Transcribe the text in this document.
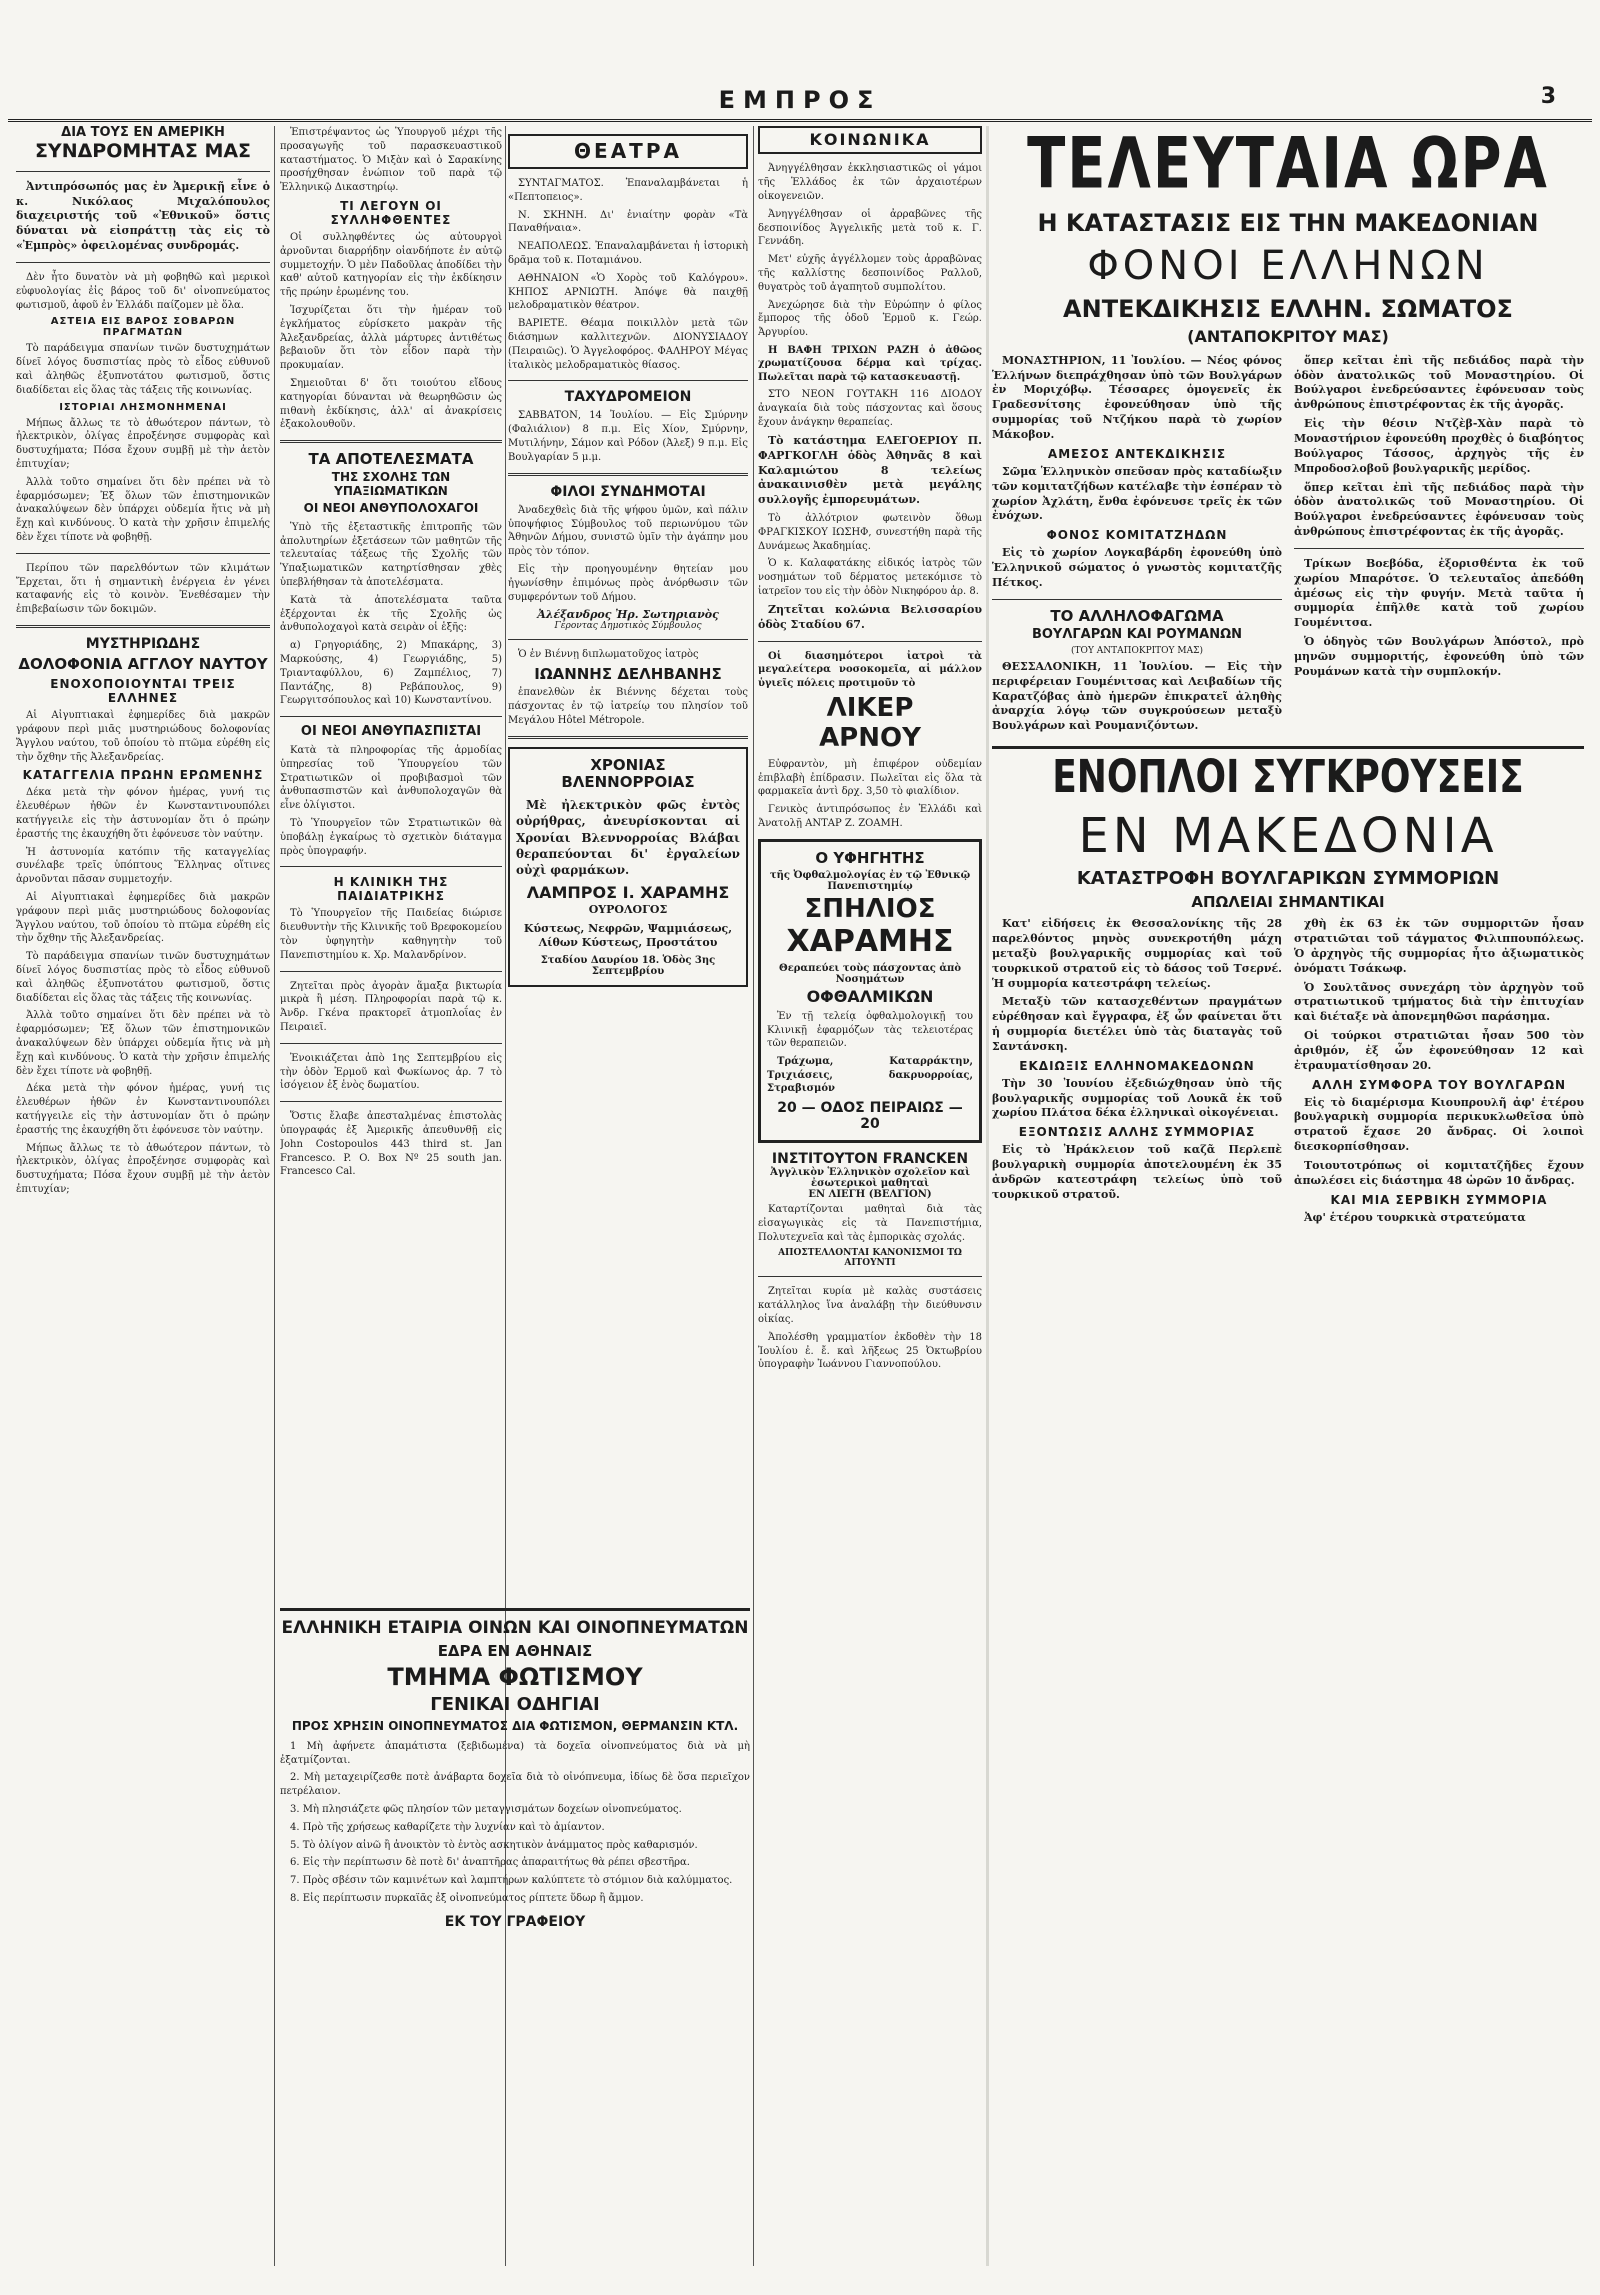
ΕΜΠΡΟΣ	3
ΔΙΑ ΤΟΥΣ ΕΝ ΑΜΕΡΙΚΗ
ΣΥΝΔΡΟΜΗΤΑΣ ΜΑΣ

Ἀντιπρόσωπός μας ἐν Ἀμερικῇ εἶνε ὁ κ. Νικόλαος Μιχαλόπουλος διαχειριστής τοῦ «Ἐθνικοῦ» ὅστις δύναται νὰ εἰσπράττῃ τὰς εἰς τὸ «Ἐμπρὸς» ὀφειλομένας συνδρομάς.

Δὲν ἦτο δυνατὸν νὰ μὴ φοβηθῶ καὶ μερικοὶ εὐφυολογίας ἐἰς βάρος τοῦ δι' οἰνοπνεύματος φωτισμοῦ, ἀφοῦ ἐν Ἑλλάδι παίζομεν μὲ ὅλα.

ΑΣΤΕΙΑ ΕΙΣ ΒΑΡΟΣ ΣΟΒΑΡΩΝ ΠΡΑΓΜΑΤΩΝ

Τὸ παράδειγμα σπανίων τινῶν δυστυχημάτων δίνεῖ λόγος δυσπιστίας πρὸς τὸ εἶδος εὐθυνοῦ καὶ ἀληθῶς ἐξυπνοτάτου φωτισμοῦ, ὅστις διαδίδεται εἰς ὅλας τὰς τάξεις τῆς κοινωνίας.

ΙΣΤΟΡΙΑΙ ΛΗΣΜΟΝΗΜΕΝΑΙ

Μήπως ἄλλως τε τὸ ἀθωότερον πάντων, τὸ ἠλεκτρικὸν, ὀλίγας ἐπροξένησε συμφορὰς καὶ δυστυχήματα; Πόσα ἔχουν συμβῇ μὲ τὴν ἀετὸν ἐπιτυχίαν;

Ἀλλὰ τοῦτο σημαίνει ὅτι δὲν πρέπει νὰ τὸ ἐφαρμόσωμεν; Ἐξ ὅλων τῶν ἐπιστημονικῶν ἀνακαλύψεων δὲν ὑπάρχει οὐδεμία ἥτις νὰ μὴ ἔχῃ καὶ κινδύνους. Ὁ κατὰ τὴν χρῆσιν ἐπιμελής δὲν ἔχει τίποτε νὰ φοβηθῇ.

Περίπου τῶν παρελθόντων τῶν κλιμάτων Ἔρχεται, ὅτι ἡ σημαντικὴ ἐνέργεια ἐν γένει καταφανής εἰς τὸ κοινὸν. Ἐνεθέσαμεν τὴν ἐπιβεβαίωσιν τῶν δοκιμῶν.

ΜΥΣΤΗΡΙΩΔΗΣ
ΔΟΛΟΦΟΝΙΑ ΑΓΓΛΟΥ ΝΑΥΤΟΥ
ΕΝΟΧΟΠΟΙΟΥΝΤΑΙ ΤΡΕΙΣ ΕΛΛΗΝΕΣ

Αἱ Αἰγυπτιακαὶ ἐφημερίδες διὰ μακρῶν γράφουν περὶ μιᾶς μυστηριώδους δολοφονίας Ἄγγλου ναύτου, τοῦ ὁποίου τὸ πτῶμα εὑρέθη εἰς τὴν ὄχθην τῆς Ἀλεξανδρείας.

ΚΑΤΑΓΓΕΛΙΑ ΠΡΩΗΝ ΕΡΩΜΕΝΗΣ

Δέκα μετὰ τὴν φόνον ἡμέρας, γυνή τις ἐλευθέρων ἠθῶν ἐν Κωνσταντινουπόλει κατήγγειλε εἰς τὴν ἀστυνομίαν ὅτι ὁ πρώην ἐραστής της ἐκαυχήθη ὅτι ἐφόνευσε τὸν ναύτην.

Ἡ ἀστυνομία κατόπιν τῆς καταγγελίας συνέλαβε τρεῖς ὑπόπτους Ἕλληνας οἵτινες ἀρνοῦνται πᾶσαν συμμετοχήν.

Αἱ Αἰγυπτιακαὶ ἐφημερίδες διὰ μακρῶν γράφουν περὶ μιᾶς μυστηριώδους δολοφονίας Ἄγγλου ναύτου, τοῦ ὁποίου τὸ πτῶμα εὑρέθη εἰς τὴν ὄχθην τῆς Ἀλεξανδρείας.

Τὸ παράδειγμα σπανίων τινῶν δυστυχημάτων δίνεῖ λόγος δυσπιστίας πρὸς τὸ εἶδος εὐθυνοῦ καὶ ἀληθῶς ἐξυπνοτάτου φωτισμοῦ, ὅστις διαδίδεται εἰς ὅλας τὰς τάξεις τῆς κοινωνίας.

Ἀλλὰ τοῦτο σημαίνει ὅτι δὲν πρέπει νὰ τὸ ἐφαρμόσωμεν; Ἐξ ὅλων τῶν ἐπιστημονικῶν ἀνακαλύψεων δὲν ὑπάρχει οὐδεμία ἥτις νὰ μὴ ἔχῃ καὶ κινδύνους. Ὁ κατὰ τὴν χρῆσιν ἐπιμελής δὲν ἔχει τίποτε νὰ φοβηθῇ.

Δέκα μετὰ τὴν φόνον ἡμέρας, γυνή τις ἐλευθέρων ἠθῶν ἐν Κωνσταντινουπόλει κατήγγειλε εἰς τὴν ἀστυνομίαν ὅτι ὁ πρώην ἐραστής της ἐκαυχήθη ὅτι ἐφόνευσε τὸν ναύτην.

Μήπως ἄλλως τε τὸ ἀθωότερον πάντων, τὸ ἠλεκτρικὸν, ὀλίγας ἐπροξένησε συμφορὰς καὶ δυστυχήματα; Πόσα ἔχουν συμβῇ μὲ τὴν ἀετὸν ἐπιτυχίαν;

Ἐπιστρέψαντος ὡς Ὑπουργοῦ μέχρι τῆς προσαγωγῆς τοῦ παρασκευαστικοῦ καταστήματος. Ὁ Μιξὰν καὶ ὁ Σαρακίνης προσήχθησαν ἐνώπιον τοῦ παρὰ τῷ Ἐλληνικῷ Δικαστηρίῳ.

ΤΙ ΛΕΓΟΥΝ ΟΙ ΣΥΛΛΗΦΘΕΝΤΕΣ

Οἱ συλληφθέντες ὡς αὐτουργοὶ ἀρνοῦνται διαρρήδην οἱανδήποτε ἐν αὐτῷ συμμετοχήν. Ὁ μὲν Παδοῦλας ἀποδίδει τὴν καθ' αὐτοῦ κατηγορίαν εἰς τὴν ἐκδίκησιν τῆς πρώην ἐρωμένης του.

Ἰσχυρίζεται ὅτι τὴν ἡμέραν τοῦ ἐγκλήματος εὑρίσκετο μακρὰν τῆς Ἀλεξανδρείας, ἀλλὰ μάρτυρες ἀντιθέτως βεβαιοῦν ὅτι τὸν εἶδον παρὰ τὴν προκυμαίαν.

Σημειοῦται δ' ὅτι τοιούτου εἴδους κατηγορίαι δύνανται νὰ θεωρηθῶσιν ὡς πιθανὴ ἐκδίκησις, ἀλλ' αἱ ἀνακρίσεις ἐξακολουθοῦν.

ΤΑ ΑΠΟΤΕΛΕΣΜΑΤΑ
ΤΗΣ ΣΧΟΛΗΣ ΤΩΝ ΥΠΑΞΙΩΜΑΤΙΚΩΝ
ΟΙ ΝΕΟΙ ΑΝΘΥΠΟΛΟΧΑΓΟΙ

Ὑπὸ τῆς ἐξεταστικῆς ἐπιτροπῆς τῶν ἀπολυτηρίων ἐξετάσεων τῶν μαθητῶν τῆς τελευταίας τάξεως τῆς Σχολῆς τῶν Ὑπαξιωματικῶν κατηρτίσθησαν χθὲς ὑπεβλήθησαν τὰ ἀποτελέσματα.

Κατὰ τὰ ἀποτελέσματα ταῦτα ἐξέρχονται ἐκ τῆς Σχολῆς ὡς ἀνθυπολοχαγοὶ κατὰ σειρὰν οἱ ἑξῆς:

α) Γρηγοριάδης, 2) Μπακάρης, 3) Μαρκούσης, 4) Γεωργιάδης, 5) Τριανταφύλλου, 6) Ζαμπέλιος, 7) Παντάζης, 8) Ρεβάπουλος, 9) Γεωργιτσόπουλος καὶ 10) Κωνσταντίνου.

ΟΙ ΝΕΟΙ ΑΝΘΥΠΑΣΠΙΣΤΑΙ

Κατὰ τὰ πληροφορίας τῆς ἁρμοδίας ὑπηρεσίας τοῦ Ὑπουργείου τῶν Στρατιωτικῶν οἱ προβιβασμοὶ τῶν ἀνθυπασπιστῶν καὶ ἀνθυπολοχαγῶν θὰ εἶνε ὀλίγιστοι.

Τὸ Ὑπουργεῖον τῶν Στρατιωτικῶν θὰ ὑποβάλῃ ἐγκαίρως τὸ σχετικὸν διάταγμα πρὸς ὑπογραφήν.

Η ΚΛΙΝΙΚΗ ΤΗΣ ΠΑΙΔΙΑΤΡΙΚΗΣ

Τὸ Ὑπουργεῖον τῆς Παιδείας διώρισε διευθυντὴν τῆς Κλινικῆς τοῦ Βρεφοκομείου τὸν ὑφηγητὴν καθηγητὴν τοῦ Πανεπιστημίου κ. Χρ. Μαλανδρίνον.

Ζητεῖται πρὸς ἀγορὰν ἅμαξα βικτωρία μικρὰ ἢ μέση. Πληροφορίαι παρὰ τῷ κ. Ἀνδρ. Γκένα πρακτορεῖ ἀτμοπλοΐας ἐν Πειραιεῖ.

Ἐνοικιάζεται ἀπὸ 1ης Σεπτεμβρίου εἰς τὴν ὁδὸν Ἐρμοῦ καὶ Φωκίωνος ἀρ. 7 τὸ ἰσόγειον ἐξ ἑνὸς δωματίου.

Ὅστις ἔλαβε ἀπεσταλμένας ἐπιστολὰς ὑπογραφάς ἐξ Ἀμερικῆς ἀπευθυνθῇ εἰς John Costopoulos 443 third st. Jan Francesco. P. O. Box Nº 25 south jan. Francesco Cal.

ΘΕΑΤΡΑ

ΣΥΝΤΑΓΜΑΤΟΣ. Ἐπαναλαμβάνεται ἡ «Πεπτοπειος».

Ν. ΣΚΗΝΗ. Δι' ἐνιαίτην φορὰν «Τὰ Παναθήναια».

ΝΕΑΠΟΛΕΩΣ. Ἐπαναλαμβάνεται ἡ ἱστορικὴ δρᾶμα τοῦ κ. Ποταμιάνου.

ΑΘΗΝΑΙΟΝ «Ὁ Χορὸς τοῦ Καλόγρου». ΚΗΠΟΣ ΑΡΝΙΩΤΗ. Ἀπόψε θὰ παιχθῇ μελοδραματικὸν θέατρον.

ΒΑΡΙΕΤΕ. Θέαμα ποικιλλὸν μετὰ τῶν διάσημων καλλιτεχνῶν. ΔΙΟΝΥΣΙΑΔΟΥ (Πειραιῶς). Ὁ Ἀγγελοφόρος. ΦΑΛΗΡΟΥ Μέγας ἰταλικὸς μελοδραματικὸς θίασος.

ΤΑΧΥΔΡΟΜΕΙΟΝ

ΣΑΒΒΑΤΟΝ, 14 Ἰουλίου. — Εἰς Σμύρνην (Φαλιάλιον) 8 π.μ. Εἰς Χίον, Σμύρνην, Μυτιλήνην, Σάμον καὶ Ρόδον (Ἀλεξ) 9 π.μ. Εἰς Βουλγαρίαν 5 μ.μ.

ΦΙΛΟΙ ΣΥΝΔΗΜΟΤΑΙ

Ἀναδεχθεὶς διὰ τῆς ψήφου ὑμῶν, καὶ πάλιν ὑποψήφιος Σύμβουλος τοῦ περιωνύμου τῶν Ἀθηνῶν Δήμου, συνιστῶ ὑμῖν τὴν ἀγάπην μου πρὸς τὸν τόπον.

Εἰς τὴν προηγουμένην θητείαν μου ἠγωνίσθην ἐπιμόνως πρὸς ἀνόρθωσιν τῶν συμφερόντων τοῦ Δήμου.

Ἀλέξανδρος Ἠρ. Σωτηριανὸς
Γέροντας Δημοτικὸς Σύμβουλος

Ὁ ἐν Βιέννῃ διπλωματοῦχος ἰατρὸς

ΙΩΑΝΝΗΣ ΔΕΛΗΒΑΝΗΣ

ἐπανελθὼν ἐκ Βιέννης δέχεται τοὺς πάσχοντας ἐν τῷ ἰατρείῳ του πλησίον τοῦ Μεγάλου Hôtel Métropole.

ΧΡΟΝΙΑΣ
ΒΛΕΝΝΟΡΡΟΙΑΣ

Μὲ ἠλεκτρικὸν φῶς ἐντὸς οὐρήθρας, ἀνευρίσκονται αἱ Χρονίαι Βλεννορροίας Βλάβαι θεραπεύονται δι' ἐργαλείων οὐχὶ φαρμάκων.

ΛΑΜΠΡΟΣ Ι. ΧΑΡΑΜΗΣ
ΟΥΡΟΛΟΓΟΣ

Κύστεως, Νεφρῶν, Ψαμμιάσεως, Λίθων Κύστεως, Προστάτου

Σταδίου Δαυρίου 18. Ὁδὸς 3ης Σεπτεμβρίου
ΚΟΙΝΩΝΙΚΑ

Ἀνηγγέλθησαν ἐκκλησιαστικῶς οἱ γάμοι τῆς Ἑλλάδος ἐκ τῶν ἀρχαιοτέρων οἰκογενειῶν.

Ἀνηγγέλθησαν οἱ ἀρραβῶνες τῆς δεσποινίδος Ἀγγελικῆς μετὰ τοῦ κ. Γ. Γεννάδη.

Μετ' εὐχῆς ἀγγέλλομεν τοὺς ἀρραβῶνας τῆς καλλίστης δεσποινίδος Ραλλοῦ, θυγατρὸς τοῦ ἀγαπητοῦ συμπολίτου.

Ἀνεχώρησε διὰ τὴν Εὐρώπην ὁ φίλος ἔμπορος τῆς ὁδοῦ Ἑρμοῦ κ. Γεώρ. Ἀργυρίου.

Η ΒΑΦΗ ΤΡΙΧΩΝ ΡΑΖΗ ὁ ἀθῶος χρωματίζουσα δέρμα καὶ τρίχας. Πωλεῖται παρὰ τῷ κατασκευαστῇ.

ΣΤΟ ΝΕΟΝ ΓΟΥΤΑΚΗ 116 ΔΙΟΔΟΥ ἀναγκαία διὰ τοὺς πάσχοντας καὶ ὅσους ἔχουν ἀνάγκην θεραπείας.

Τὸ κατάστημα ΕΛΕΓΟΕΡΙΟΥ Π. ΦΑΡΓΚΟΓΛΗ ὁδὸς Ἀθηνᾶς 8 καὶ Καλαμιώτου 8 τελείως ἀνακαινισθὲν μετὰ μεγάλης συλλογῆς ἐμπορευμάτων.

Τὸ ἀλλότριον φωτεινὸν ὅθωμ ΦΡΑΓΚΙΣΚΟΥ ΙΩΣΗΦ, συνεστήθη παρὰ τῆς Δυνάμεως Ἀκαδημίας.

Ὁ κ. Καλαφατάκης εἰδικός ἰατρὸς τῶν νοσημάτων τοῦ δέρματος μετεκόμισε τὸ ἰατρεῖον του εἰς τὴν ὁδὸν Νικηφόρου ἀρ. 8.

Ζητεῖται κολώνια Βελισσαρίου ὁδὸς Σταδίου 67.

Οἱ διασημότεροι ἰατροὶ τὰ μεγαλείτερα νοσοκομεῖα, αἱ μάλλον ὑγιεῖς πόλεις προτιμοῦν τὸ

ΛΙΚΕΡ
ΑΡΝΟΥ

Εὐφραντὸν, μὴ ἐπιφέρον οὐδεμίαν ἐπιβλαβὴ ἐπίδρασιν. Πωλεῖται εἰς ὅλα τὰ φαρμακεῖα ἀντὶ δρχ. 3,50 τὸ φιαλίδιον.

Γενικὸς ἀντιπρόσωπος ἐν Ἑλλάδι καὶ Ἀνατολῇ ΑΝΤΑΡ Ζ. ΖΟΑΜΗ.

Ο ΥΦΗΓΗΤΗΣ
τῆς Ὀφθαλμολογίας ἐν τῷ Ἐθνικῷ Πανεπιστημίῳ
ΣΠΗΛΙΟΣ
ΧΑΡΑΜΗΣ
Θεραπεύει τοὺς πάσχοντας ἀπὸ Νοσημάτων
ΟΦΘΑΛΜΙΚΩΝ

Ἐν τῇ τελείᾳ ὀφθαλμολογικῇ του Κλινικῇ ἐφαρμόζων τὰς τελειοτέρας τῶν θεραπειῶν.

Τράχωμα, Καταρράκτην, Τριχιάσεις, δακρυορροίας, Στραβισμόν

20 — ΟΔΟΣ ΠΕΙΡΑΙΩΣ — 20
ΙΝΣΤΙΤΟΥΤΟΝ FRANCKEN
Ἀγγλικὸν Ἑλληνικὸν σχολεῖον καὶ ἐσωτερικοὶ μαθηταὶ
ΕΝ ΛΙΕΓΗ (ΒΕΛΓΙΟΝ)

Καταρτίζονται μαθηταὶ διὰ τὰς εἰσαγωγικὰς εἰς τὰ Πανεπιστήμια, Πολυτεχνεῖα καὶ τὰς ἐμπορικὰς σχολάς.

ΑΠΟΣΤΕΛΛΟΝΤΑΙ ΚΑΝΟΝΙΣΜΟΙ ΤΩ ΑΙΤΟΥΝΤΙ

Ζητεῖται κυρία μὲ καλὰς συστάσεις κατάλληλος ἵνα ἀναλάβῃ τὴν διεύθυνσιν οἰκίας.

Ἀπολέσθη γραμματίον ἐκδοθὲν τὴν 18 Ἰουλίου ἐ. ἔ. καὶ λῆξεως 25 Ὀκτωβρίου ὑπογραφὴν Ἰωάννου Γιαννοπούλου.

ΕΛΛΗΝΙΚΗ ΕΤΑΙΡΙΑ ΟΙΝΩΝ ΚΑΙ ΟΙΝΟΠΝΕΥΜΑΤΩΝ
ΕΔΡΑ ΕΝ ΑΘΗΝΑΙΣ
ΤΜΗΜΑ ΦΩΤΙΣΜΟΥ
ΓΕΝΙΚΑΙ ΟΔΗΓΙΑΙ
ΠΡΟΣ ΧΡΗΣΙΝ ΟΙΝΟΠΝΕΥΜΑΤΟΣ ΔΙΑ ΦΩΤΙΣΜΟΝ, ΘΕΡΜΑΝΣΙΝ ΚΤΛ.

1 Μὴ ἀφήνετε ἀπαμάτιστα (ξεβιδωμένα) τὰ δοχεῖα οἰνοπνεύματος διὰ νὰ μὴ ἐξατμίζονται.

2. Μὴ μεταχειρίζεσθε ποτὲ ἀνάβαρτα δοχεῖα διὰ τὸ οἰνόπνευμα, ἰδίως δὲ ὅσα περιεῖχον πετρέλαιον.

3. Μὴ πλησιάζετε φῶς πλησίον τῶν μεταγγισμάτων δοχείων οἰνοπνεύματος.

4. Πρὸ τῆς χρήσεως καθαρίζετε τὴν λυχνίαν καὶ τὸ ἀμίαντον.

5. Τὸ ὁλίγον αἰνῶ ἢ ἀνοικτὸν τὸ ἐντὸς ασκητικὸν ἀνάμματος πρὸς καθαρισμόν.

6. Εἰς τὴν περίπτωσιν δὲ ποτὲ δι' ἀναπτῆρας ἀπαραιτήτως θὰ ρέπει σβεστῆρα.

7. Πρὸς σβέσιν τῶν καμινέτων καὶ λαμπτήρων καλύπτετε τὸ στόμιον διὰ καλύμματος.

8. Εἰς περίπτωσιν πυρκαϊᾶς ἐξ οἰνοπνεύματος ρίπτετε ὕδωρ ἢ ἄμμον.

ΕΚ ΤΟΥ ΓΡΑΦΕΙΟΥ
ΤΕΛΕΥΤΑΙΑ ΩΡΑ
Η ΚΑΤΑΣΤΑΣΙΣ ΕΙΣ ΤΗΝ ΜΑΚΕΔΟΝΙΑΝ
ΦΟΝΟΙ ΕΛΛΗΝΩΝ
ΑΝΤΕΚΔΙΚΗΣΙΣ ΕΛΛΗΝ. ΣΩΜΑΤΟΣ
(ΑΝΤΑΠΟΚΡΙΤΟΥ ΜΑΣ)

ΜΟΝΑΣΤΗΡΙΟΝ, 11 Ἰουλίου. — Νέος φόνος Ἑλλήνων διεπράχθησαν ὑπὸ τῶν Βουλγάρων ἐν Μοριχόβῳ. Τέσσαρες ὁμογενεῖς ἐκ Γραδεσνίτσης ἐφονεύθησαν ὑπὸ τῆς συμμορίας τοῦ Ντζήκου παρὰ τὸ χωρίον Μάκοβον.

ΑΜΕΣΟΣ ΑΝΤΕΚΔΙΚΗΣΙΣ

Σῶμα Ἑλληνικὸν σπεῦσαν πρὸς καταδίωξιν τῶν κομιτατζήδων κατέλαβε τὴν ἑσπέραν τὸ χωρίον Ἀχλάτη, ἔνθα ἐφόνευσε τρεῖς ἐκ τῶν ἐνόχων.

ΦΟΝΟΣ ΚΟΜΙΤΑΤΖΗΔΩΝ

Εἰς τὸ χωρίον Λογκαβάρδη ἐφονεύθη ὑπὸ Ἑλληνικοῦ σώματος ὁ γνωστὸς κομιτατζῆς Πέτκος.

ΤΟ ΑΛΛΗΛΟΦΑΓΩΜΑ
ΒΟΥΛΓΑΡΩΝ ΚΑΙ ΡΟΥΜΑΝΩΝ
(ΤΟΥ ΑΝΤΑΠΟΚΡΙΤΟΥ ΜΑΣ)

ΘΕΣΣΑΛΟΝΙΚΗ, 11 Ἰουλίου. — Εἰς τὴν περιφέρειαν Γουμένιτσας καὶ Λειβαδίων τῆς Καρατζόβας ἀπὸ ἡμερῶν ἐπικρατεῖ ἀληθὴς ἀναρχία λόγῳ τῶν συγκρούσεων μεταξὺ Βουλγάρων καὶ Ρουμανιζόντων.

ὅπερ κεῖται ἐπὶ τῆς πεδιάδος παρὰ τὴν ὁδὸν ἀνατολικῶς τοῦ Μοναστηρίου. Οἱ Βούλγαροι ἐνεδρεύσαντες ἐφόνευσαν τοὺς ἀνθρώπους ἐπιστρέφοντας ἐκ τῆς ἀγορᾶς.

Εἰς τὴν θέσιν Ντζὲβ-Χὰν παρὰ τὸ Μοναστήριον ἐφονεύθη προχθὲς ὁ διαβόητος Βούλγαρος Τάσσος, ἀρχηγὸς τῆς ἐν Μπροδοσλοβοῦ βουλγαρικῆς μερίδος.

ὅπερ κεῖται ἐπὶ τῆς πεδιάδος παρὰ τὴν ὁδὸν ἀνατολικῶς τοῦ Μοναστηρίου. Οἱ Βούλγαροι ἐνεδρεύσαντες ἐφόνευσαν τοὺς ἀνθρώπους ἐπιστρέφοντας ἐκ τῆς ἀγορᾶς.

Τρίκων Βοεβόδα, ἐξορισθέντα ἐκ τοῦ χωρίου Μπαρότσε. Ὁ τελευταῖος ἀπεδόθη ἀμέσως εἰς τὴν φυγήν. Μετὰ ταῦτα ἡ συμμορία ἐπῆλθε κατὰ τοῦ χωρίου Γουμένιτσα.

Ὁ ὁδηγὸς τῶν Βουλγάρων Ἀπόστολ, πρὸ μηνῶν συμμοριτής, ἐφονεύθη ὑπὸ τῶν Ρουμάνων κατὰ τὴν συμπλοκήν.

ΕΝΟΠΛΟΙ ΣΥΓΚΡΟΥΣΕΙΣ
ΕΝ ΜΑΚΕΔΟΝΙΑ
ΚΑΤΑΣΤΡΟΦΗ ΒΟΥΛΓΑΡΙΚΩΝ ΣΥΜΜΟΡΙΩΝ
ΑΠΩΛΕΙΑΙ ΣΗΜΑΝΤΙΚΑΙ

Κατ' εἰδήσεις ἐκ Θεσσαλονίκης τῆς 28 παρελθόντος μηνὸς συνεκροτήθη μάχη μεταξὺ βουλγαρικῆς συμμορίας καὶ τοῦ τουρκικοῦ στρατοῦ εἰς τὸ δάσος τοῦ Τσερνέ. Ἡ συμμορία κατεστράφη τελείως.

Μεταξὺ τῶν κατασχεθέντων πραγμάτων εὑρέθησαν καὶ ἔγγραφα, ἐξ ὧν φαίνεται ὅτι ἡ συμμορία διετέλει ὑπὸ τὰς διαταγὰς τοῦ Σαντάνσκη.

ΕΚΔΙΩΞΙΣ ΕΛΛΗΝΟΜΑΚΕΔΟΝΩΝ

Τὴν 30 Ἰουνίου ἐξεδιώχθησαν ὑπὸ τῆς βουλγαρικῆς συμμορίας τοῦ Λουκᾶ ἐκ τοῦ χωρίου Πλάτσα δέκα ἑλληνικαὶ οἰκογένειαι.

ΕΞΟΝΤΩΣΙΣ ΑΛΛΗΣ ΣΥΜΜΟΡΙΑΣ

Εἰς τὸ Ἠράκλειον τοῦ καζᾶ Περλεπὲ βουλγαρικὴ συμμορία ἀποτελουμένη ἐκ 35 ἀνδρῶν κατεστράφη τελείως ὑπὸ τοῦ τουρκικοῦ στρατοῦ.

χθὴ ἐκ 63 ἐκ τῶν συμμοριτῶν ἦσαν στρατιῶται τοῦ τάγματος Φιλιππουπόλεως. Ὁ ἀρχηγὸς τῆς συμμορίας ἦτο ἀξιωματικὸς ὀνόματι Τσάκωφ.

Ὁ Σουλτᾶνος συνεχάρη τὸν ἀρχηγὸν τοῦ στρατιωτικοῦ τμήματος διὰ τὴν ἐπιτυχίαν καὶ διέταξε νὰ ἀπονεμηθῶσι παράσημα.

Οἱ τούρκοι στρατιῶται ἦσαν 500 τὸν ἀριθμόν, ἐξ ὧν ἐφονεύθησαν 12 καὶ ἐτραυματίσθησαν 20.

ΑΛΛΗ ΣΥΜΦΟΡΑ ΤΟΥ ΒΟΥΛΓΑΡΩΝ

Εἰς τὸ διαμέρισμα Κιουπρουλῆ ἀφ' ἑτέρου βουλγαρικὴ συμμορία περικυκλωθεῖσα ὑπὸ στρατοῦ ἔχασε 20 ἄνδρας. Οἱ λοιποὶ διεσκορπίσθησαν.

Τοιουτοτρόπως οἱ κομιτατζῆδες ἔχουν ἀπωλέσει εἰς διάστημα 48 ὡρῶν 10 ἄνδρας.

ΚΑΙ ΜΙΑ ΣΕΡΒΙΚΗ ΣΥΜΜΟΡΙΑ

Ἀφ' ἑτέρου τουρκικὰ στρατεύματα
